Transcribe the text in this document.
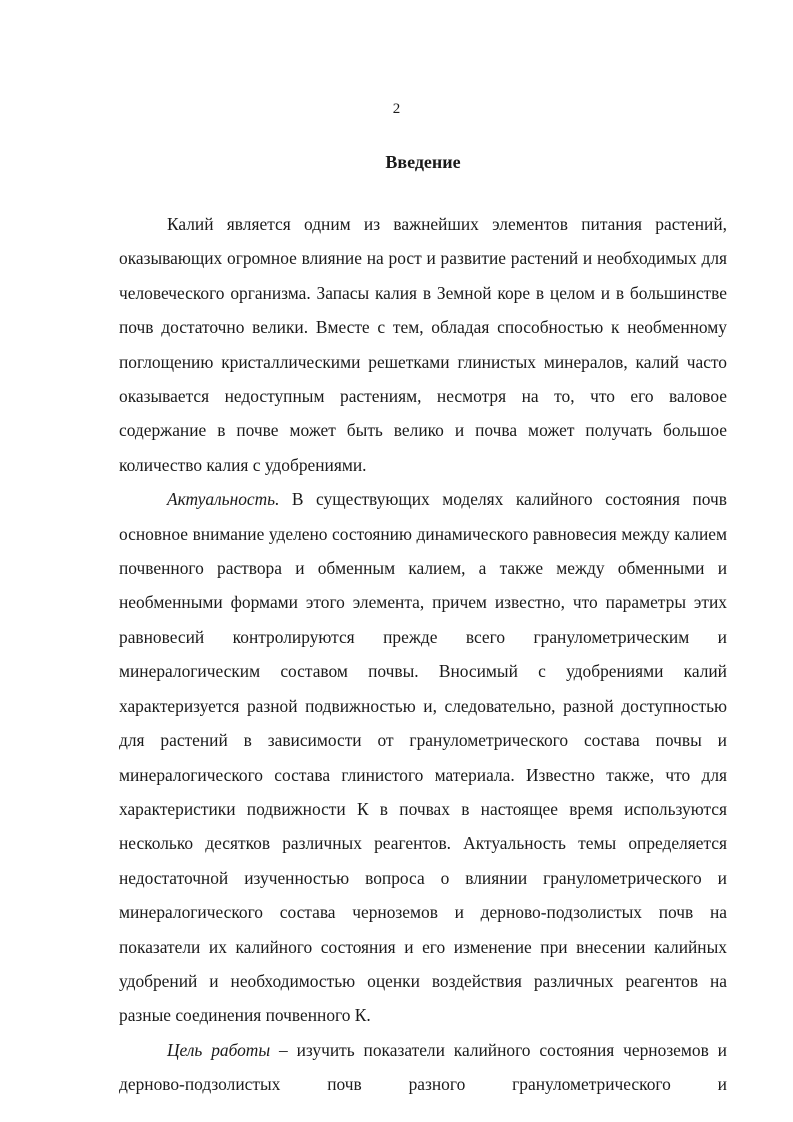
2
Введение

Калий является одним из важнейших элементов питания растений, оказывающих огромное влияние на рост и развитие растений и необходимых для человеческого организма. Запасы калия в Земной коре в целом и в большинстве почв достаточно велики. Вместе с тем, обладая способностью к необменному поглощению кристаллическими решетками глинистых минералов, калий часто оказывается недоступным растениям, несмотря на то, что его валовое содержание в почве может быть велико и почва может получать большое количество калия с удобрениями.

Актуальность. В существующих моделях калийного состояния почв основное внимание уделено состоянию динамического равновесия между калием почвенного раствора и обменным калием, а также между обменными и необменными формами этого элемента, причем известно, что параметры этих равновесий контролируются прежде всего гранулометрическим и минералогическим составом почвы. Вносимый с удобрениями калий характеризуется разной подвижностью и, следовательно, разной доступностью для растений в зависимости от гранулометрического состава почвы и минералогического состава глинистого материала. Известно также, что для характеристики подвижности К в почвах в настоящее время используются несколько десятков различных реагентов. Актуальность темы определяется недостаточной изученностью вопроса о влиянии гранулометрического и минералогического состава черноземов и дерново-подзолистых почв на показатели их калийного состояния и его изменение при внесении калийных удобрений и необходимостью оценки воздействия различных реагентов на разные соединения почвенного К.

Цель работы – изучить показатели калийного состояния черноземов и дерново-подзолистых почв разного гранулометрического и
